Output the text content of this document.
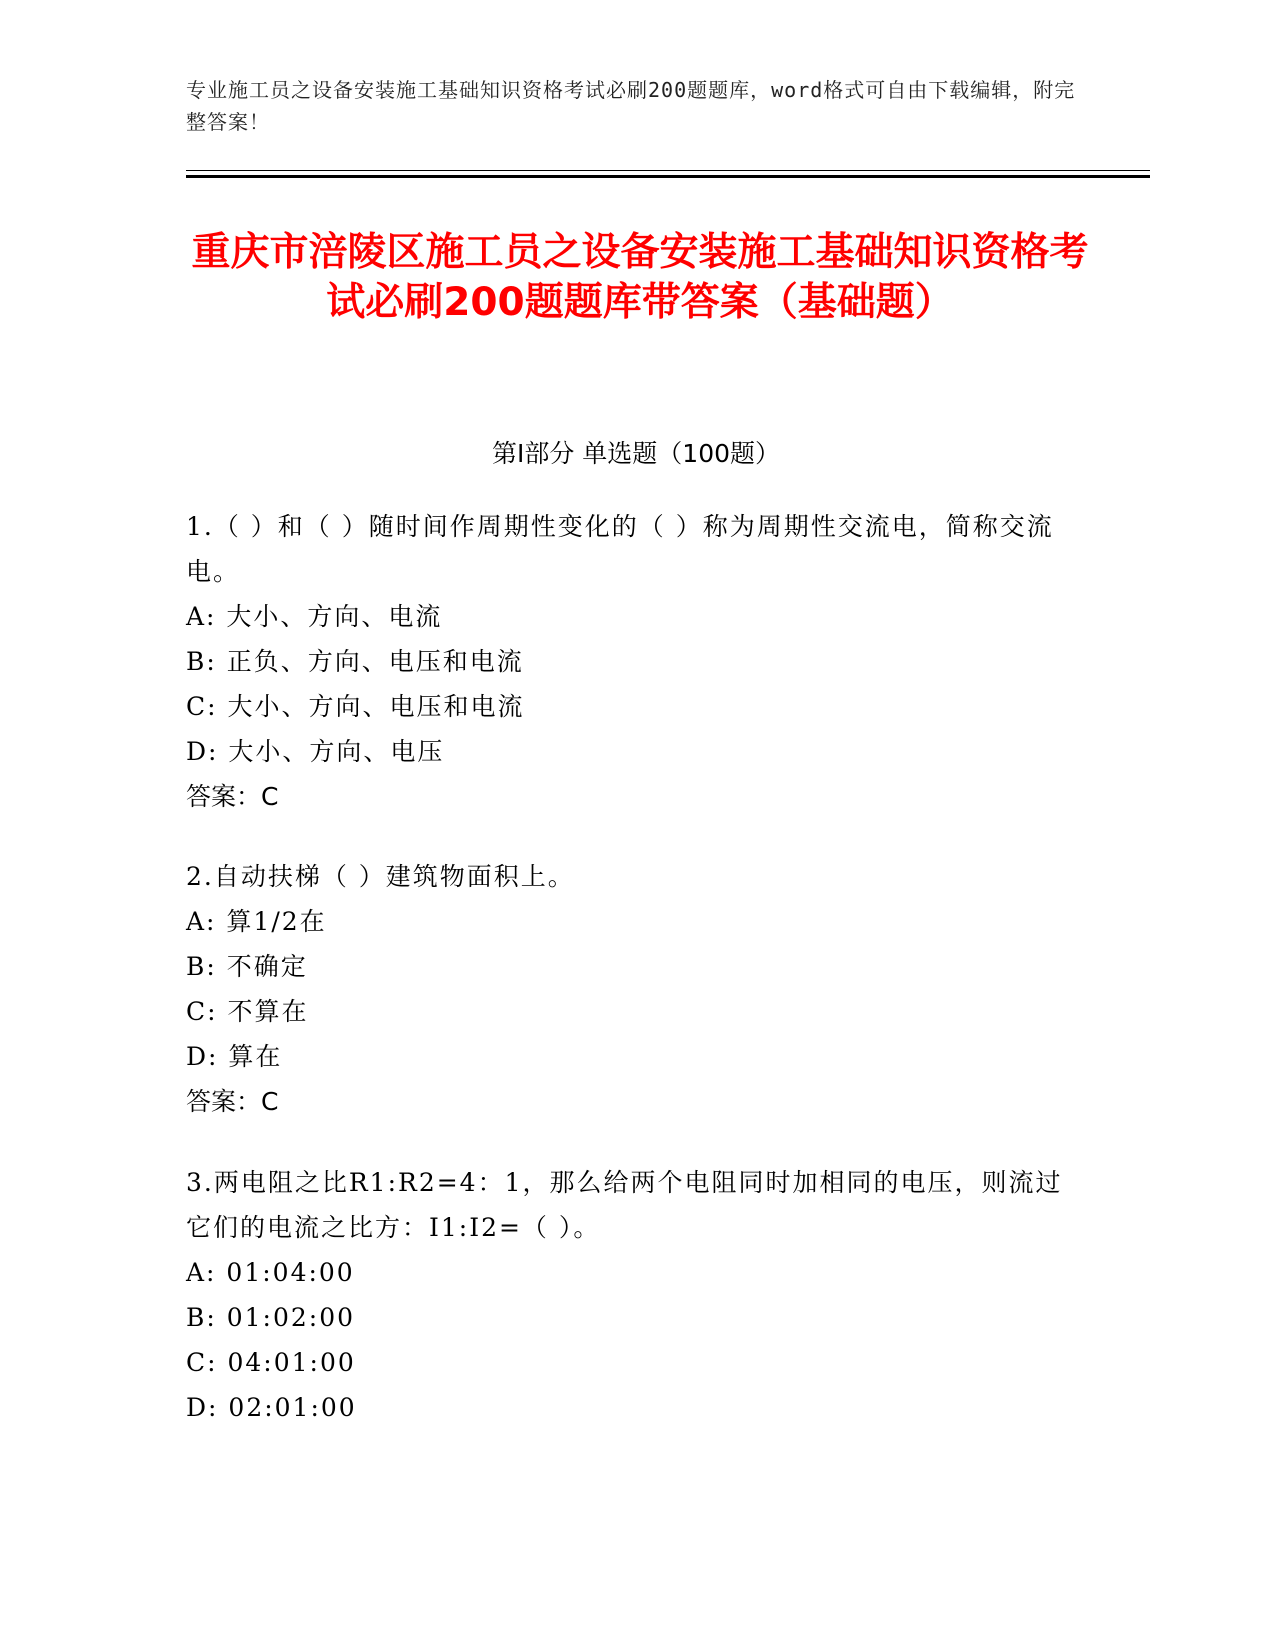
专业施工员之设备安装施工基础知识资格考试必刷200题题库，word格式可自由下载编辑，附完整答案！
重庆市涪陵区施工员之设备安装施工基础知识资格考试必刷200题题库带答案（基础题）
第Ⅰ部分 单选题（100题）

1.（ ）和（ ）随时间作周期性变化的（ ）称为周期性交流电，简称交流电。

A: 大小、方向、电流

B: 正负、方向、电压和电流

C: 大小、方向、电压和电流

D: 大小、方向、电压

答案：C

2.自动扶梯（ ）建筑物面积上。

A: 算1/2在

B: 不确定

C: 不算在

D: 算在

答案：C

3.两电阻之比R1:R2=4：1，那么给两个电阻同时加相同的电压，则流过它们的电流之比方：I1:I2=（ ）。

A: 01:04:00

B: 01:02:00

C: 04:01:00

D: 02:01:00
